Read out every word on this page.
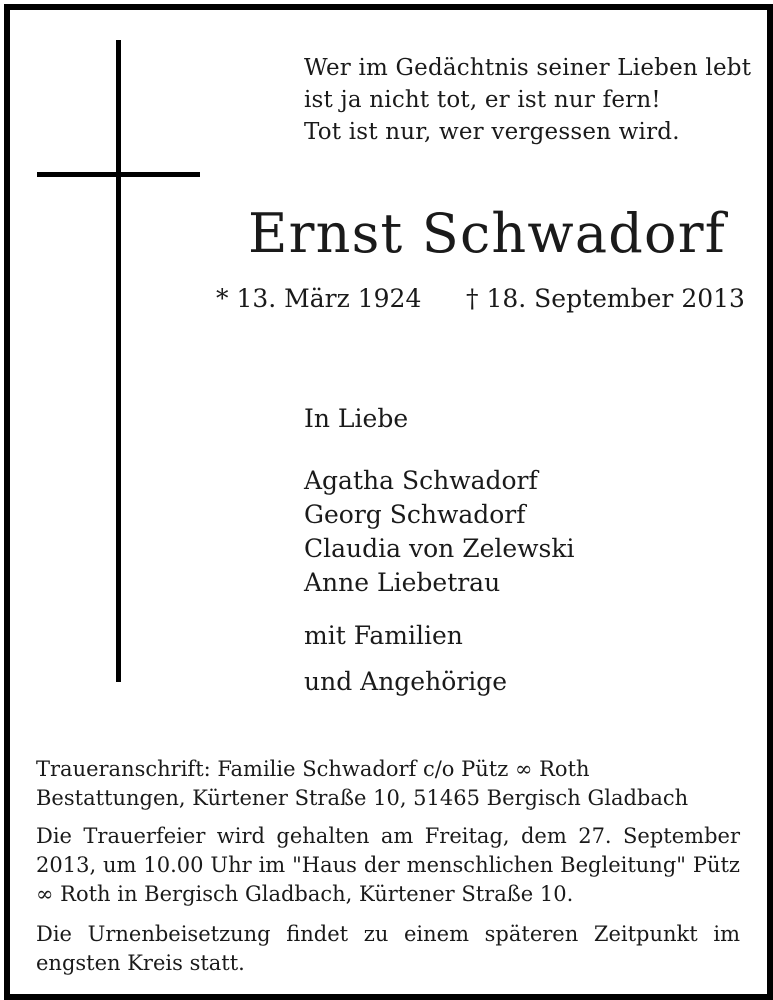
Wer im Gedächtnis seiner Lieben lebt
ist ja nicht tot, er ist nur fern!
Tot ist nur, wer vergessen wird.
Ernst Schwadorf
* 13. März 1924 † 18. September 2013
In Liebe
Agatha Schwadorf
Georg Schwadorf
Claudia von Zelewski
Anne Liebetrau
mit Familien
und Angehörige

Traueranschrift: Familie Schwadorf c/o Pütz ∞ Roth Bestattungen, Kürtener Straße 10, 51465 Bergisch Gladbach

Die Trauerfeier wird gehalten am Freitag, dem 27. September 2013, um 10.00 Uhr im "Haus der menschlichen Begleitung" Pütz ∞ Roth in Bergisch Gladbach, Kürtener Straße 10.

Die Urnenbeisetzung findet zu einem späteren Zeitpunkt im engsten Kreis statt.
